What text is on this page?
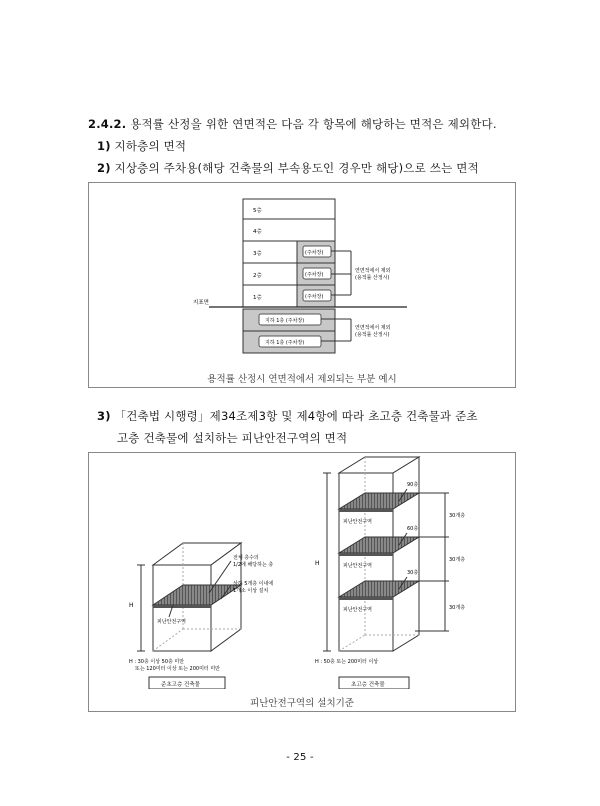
2.4.2. 용적률 산정을 위한 연면적은 다음 각 항목에 해당하는 면적은 제외한다.
1) 지하층의 면적
2) 지상층의 주차용(해당 건축물의 부속용도인 경우만 해당)으로 쓰는 면적
5층
4층
3층
2층
1층
(주차장)
(주차장)
(주차장)
지표면
지하 1층 (주차장)
지하 1층 (주차장)
연면적에서 제외
(용적률 산정시)
연면적에서 제외
(용적률 산정시)
용적률 산정시 연면적에서 제외되는 부분 예시
3) 「건축법 시행령」제34조제3항 및 제4항에 따라 초고층 건축물과 준초
고층 건축물에 설치하는 피난안전구역의 면적
H
전체 층수의
1/2에 해당하는 층
상하 5개층 이내에
1개소 이상 설치
피난안전구역
H : 30층 이상 50층 미만
또는 120미터 이상 또는 200미터 미만
준초고층 건축물
H
90층
60층
30층
피난안전구역
피난안전구역
피난안전구역
30개층
30개층
30개층
H : 50층 또는 200미터 이상
초고층 건축물
피난안전구역의 설치기준
- 25 -
